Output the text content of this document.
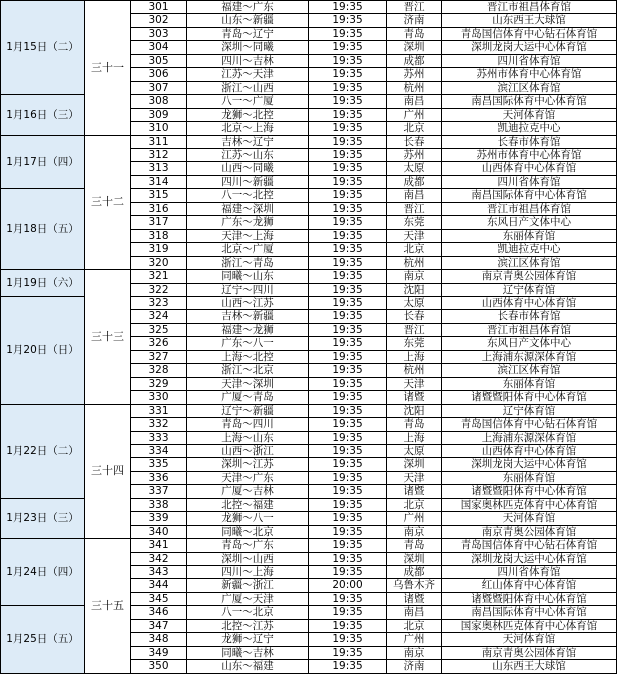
1月15日（二）	三十一	301	福建～广东	19:35	晋江	晋江市祖昌体育馆
		302	山东～新疆	19:35	济南	山东西王大球馆
		303	青岛～辽宁	19:35	青岛	青岛国信体育中心钻石体育馆
		304	深圳～同曦	19:35	深圳	深圳龙岗大运中心体育馆
		305	四川～吉林	19:35	成都	四川省体育馆
		306	江苏～天津	19:35	苏州	苏州市体育中心体育馆
		307	浙江～山西	19:35	杭州	滨江区体育馆
1月16日（三）		308	八一～广厦	19:35	南昌	南昌国际体育中心体育馆
		309	龙狮～北控	19:35	广州	天河体育馆
		310	北京～上海	19:35	北京	凯迪拉克中心
1月17日（四）	三十二	311	吉林～辽宁	19:35	长春	长春市体育馆
		312	江苏～山东	19:35	苏州	苏州市体育中心体育馆
		313	山西～同曦	19:35	太原	山西体育中心体育馆
		314	四川～新疆	19:35	成都	四川省体育馆
1月18日（五）		315	八一～北控	19:35	南昌	南昌国际体育中心体育馆
		316	福建～深圳	19:35	晋江	晋江市祖昌体育馆
		317	广东～龙狮	19:35	东莞	东风日产文体中心
		318	天津～上海	19:35	天津	东丽体育馆
		319	北京～广厦	19:35	北京	凯迪拉克中心
		320	浙江～青岛	19:35	杭州	滨江区体育馆
1月19日（六）	三十三	321	同曦～山东	19:35	南京	南京青奥公园体育馆
		322	辽宁～四川	19:35	沈阳	辽宁体育馆
1月20日（日）		323	山西～江苏	19:35	太原	山西体育中心体育馆
		324	吉林～新疆	19:35	长春	长春市体育馆
		325	福建～龙狮	19:35	晋江	晋江市祖昌体育馆
		326	广东～八一	19:35	东莞	东风日产文体中心
		327	上海～北控	19:35	上海	上海浦东源深体育馆
		328	浙江～北京	19:35	杭州	滨江区体育馆
		329	天津～深圳	19:35	天津	东丽体育馆
		330	广厦～青岛	19:35	诸暨	诸暨暨阳体育中心体育馆
1月22日（二）	三十四	331	辽宁～新疆	19:35	沈阳	辽宁体育馆
		332	青岛～四川	19:35	青岛	青岛国信体育中心钻石体育馆
		333	上海～山东	19:35	上海	上海浦东源深体育馆
		334	山西～浙江	19:35	太原	山西体育中心体育馆
		335	深圳～江苏	19:35	深圳	深圳龙岗大运中心体育馆
		336	天津～广东	19:35	天津	东丽体育馆
		337	广厦～吉林	19:35	诸暨	诸暨暨阳体育中心体育馆
1月23日（三）		338	北控～福建	19:35	北京	国家奥林匹克体育中心体育馆
		339	龙狮～八一	19:35	广州	天河体育馆
		340	同曦～北京	19:35	南京	南京青奥公园体育馆
1月24日（四）	三十五	341	青岛～广东	19:35	青岛	青岛国信体育中心钻石体育馆
		342	深圳～山西	19:35	深圳	深圳龙岗大运中心体育馆
		343	四川～上海	19:35	成都	四川省体育馆
		344	新疆～浙江	20:00	乌鲁木齐	红山体育中心体育馆
		345	广厦～天津	19:35	诸暨	诸暨暨阳体育中心体育馆
1月25日（五）		346	八一～北京	19:35	南昌	南昌国际体育中心体育馆
		347	北控～江苏	19:35	北京	国家奥林匹克体育中心体育馆
		348	龙狮～辽宁	19:35	广州	天河体育馆
		349	同曦～吉林	19:35	南京	南京青奥公园体育馆
		350	山东～福建	19:35	济南	山东西王大球馆
